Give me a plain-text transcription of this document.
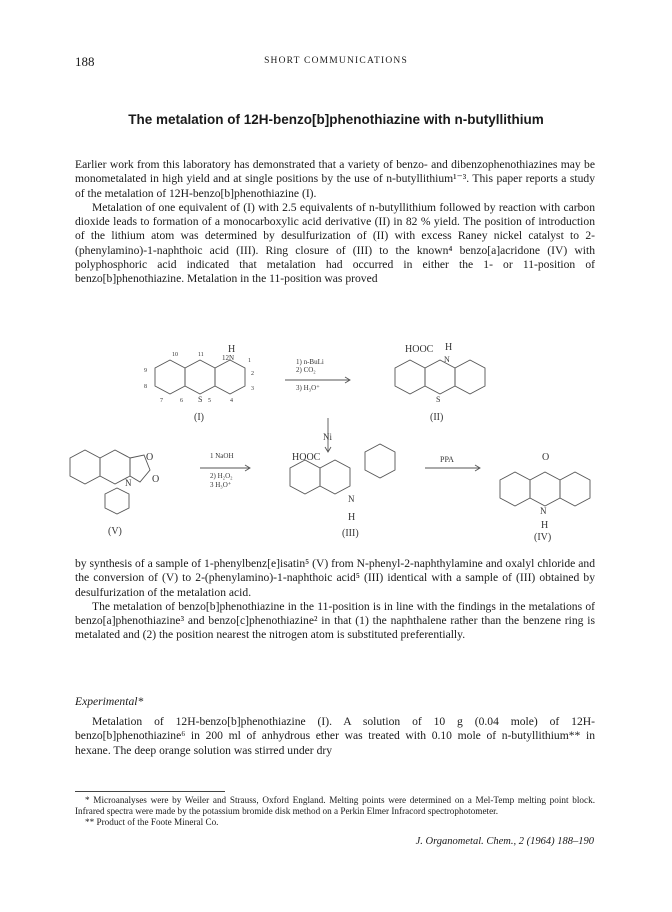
188	SHORT COMMUNICATIONS
The metalation of 12H-benzo[b]phenothiazine with n-butyllithium

Earlier work from this laboratory has demonstrated that a variety of benzo- and dibenzophenothiazines may be monometalated in high yield and at single positions by the use of n-butyllithium¹⁻³. This paper reports a study of the metalation of 12H-benzo[b]phenothiazine (I).

Metalation of one equivalent of (I) with 2.5 equivalents of n-butyllithium followed by reaction with carbon dioxide leads to formation of a monocarboxylic acid derivative (II) in 82 % yield. The position of introduction of the lithium atom was determined by desulfurization of (II) with excess Raney nickel catalyst to 2-(phenylamino)-1-naphthoic acid (III). Ring closure of (III) to the known⁴ benzo[a]acridone (IV) with polyphosphoric acid indicated that metalation had occurred in either the 1- or 11-position of benzo[b]phenothiazine. Metalation in the 11-position was proved

H
12N
S
10	11
1
2
3
4
5
6
7
8
9
(I)
1) n-BuLi
2) CO₂
3) H₃O⁺
HOOC H
N
S
(II)
Ni
O
O
N
(V)
1 NaOH
2) H₂O₂
3 H₃O⁺
HOOC
N
H
(III)
PPA	O
N
H
(IV)

by synthesis of a sample of 1-phenylbenz[e]isatin⁵ (V) from N-phenyl-2-naphthylamine and oxalyl chloride and the conversion of (V) to 2-(phenylamino)-1-naphthoic acid⁵ (III) identical with a sample of (III) obtained by desulfurization of the metalation acid.

The metalation of benzo[b]phenothiazine in the 11-position is in line with the findings in the metalations of benzo[a]phenothiazine³ and benzo[c]phenothiazine² in that (1) the naphthalene rather than the benzene ring is metalated and (2) the position nearest the nitrogen atom is substituted preferentially.

Experimental*

Metalation of 12H-benzo[b]phenothiazine (I). A solution of 10 g (0.04 mole) of 12H-benzo[b]phenothiazine⁶ in 200 ml of anhydrous ether was treated with 0.10 mole of n-butyllithium** in hexane. The deep orange solution was stirred under dry

* Microanalyses were by Weiler and Strauss, Oxford England. Melting points were determined on a Mel-Temp melting point block. Infrared spectra were made by the potassium bromide disk method on a Perkin Elmer Infracord spectrophotometer.

** Product of the Foote Mineral Co.

J. Organometal. Chem., 2 (1964) 188–190
